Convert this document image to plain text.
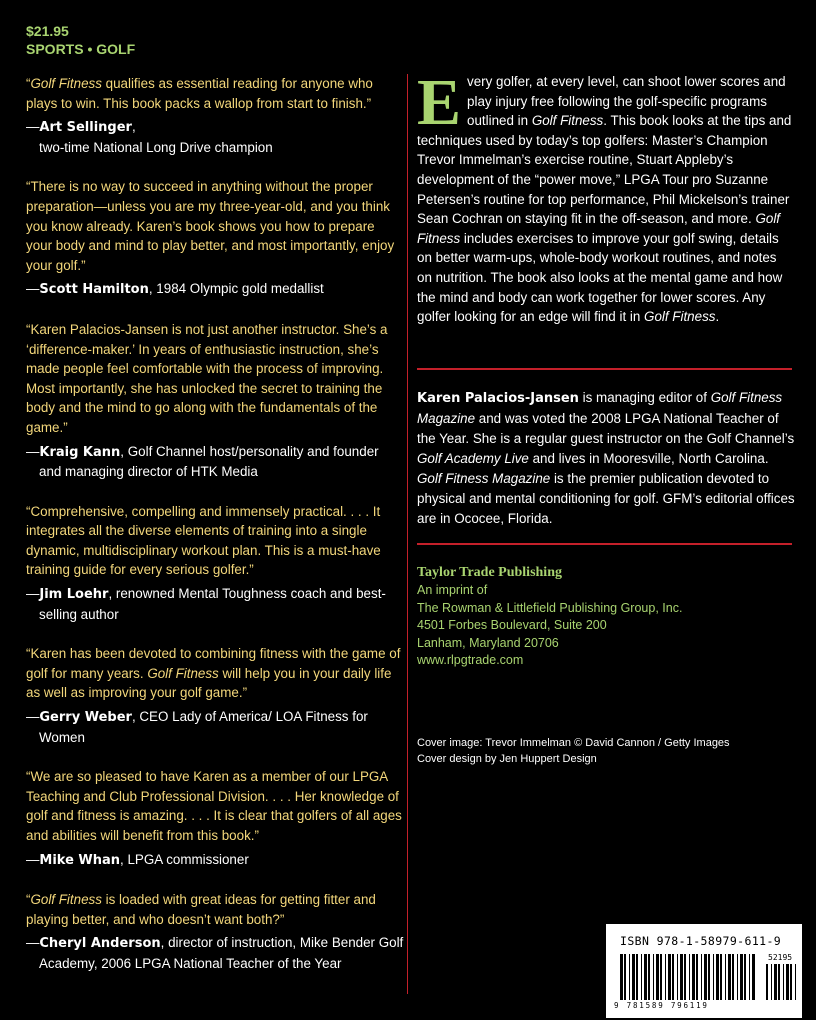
$21.95
SPORTS • GOLF

“Golf Fitness qualifies as essential reading for anyone who plays to win. This book packs a wallop from start to finish.”

—Art Sellinger,
two-time National Long Drive champion

“There is no way to succeed in anything without the proper preparation—unless you are my three-year-old, and you think you know already. Karen’s book shows you how to prepare your body and mind to play better, and most importantly, enjoy your golf.”

—Scott Hamilton, 1984 Olympic gold medallist

“Karen Palacios-Jansen is not just another instructor. She’s a ‘difference-maker.’ In years of enthusiastic instruction, she’s made people feel comfortable with the process of improving. Most importantly, she has unlocked the secret to training the body and the mind to go along with the fundamentals of the game.”

—Kraig Kann, Golf Channel host/personality and founder and managing director of HTK Media

“Comprehensive, compelling and immensely practical. . . . It integrates all the diverse elements of training into a single dynamic, multidisciplinary workout plan. This is a must-have training guide for every serious golfer.”

—Jim Loehr, renowned Mental Toughness coach and best-selling author

“Karen has been devoted to combining fitness with the game of golf for many years. Golf Fitness will help you in your daily life as well as improving your golf game.”

—Gerry Weber, CEO Lady of America/ LOA Fitness for Women

“We are so pleased to have Karen as a member of our LPGA Teaching and Club Professional Division. . . . Her knowledge of golf and fitness is amazing. . . . It is clear that golfers of all ages and abilities will benefit from this book.”

—Mike Whan, LPGA commissioner

“Golf Fitness is loaded with great ideas for getting fitter and playing better, and who doesn’t want both?”

—Cheryl Anderson, director of instruction, Mike Bender Golf Academy, 2006 LPGA National Teacher of the Year

Every golfer, at every level, can shoot lower scores and play injury free following the golf-specific programs outlined in Golf Fitness. This book looks at the tips and techniques used by today’s top golfers: Master’s Champion Trevor Immelman’s exercise routine, Stuart Appleby’s development of the “power move,” LPGA Tour pro Suzanne Petersen’s routine for top performance, Phil Mickelson’s trainer Sean Cochran on staying fit in the off-season, and more. Golf Fitness includes exercises to improve your golf swing, details on better warm-ups, whole-body workout routines, and notes on nutrition. The book also looks at the mental game and how the mind and body can work together for lower scores. Any golfer looking for an edge will find it in Golf Fitness.

Karen Palacios-Jansen is managing editor of Golf Fitness Magazine and was voted the 2008 LPGA National Teacher of the Year. She is a regular guest instructor on the Golf Channel’s Golf Academy Live and lives in Mooresville, North Carolina. Golf Fitness Magazine is the premier publication devoted to physical and mental conditioning for golf. GFM’s editorial offices are in Ococee, Florida.

Taylor Trade Publishing
An imprint of
The Rowman & Littlefield Publishing Group, Inc.
4501 Forbes Boulevard, Suite 200
Lanham, Maryland 20706
www.rlpgtrade.com
Cover image: Trevor Immelman © David Cannon / Getty Images
Cover design by Jen Huppert Design
ISBN 978-1-58979-611-9
52195
9 781589 796119
